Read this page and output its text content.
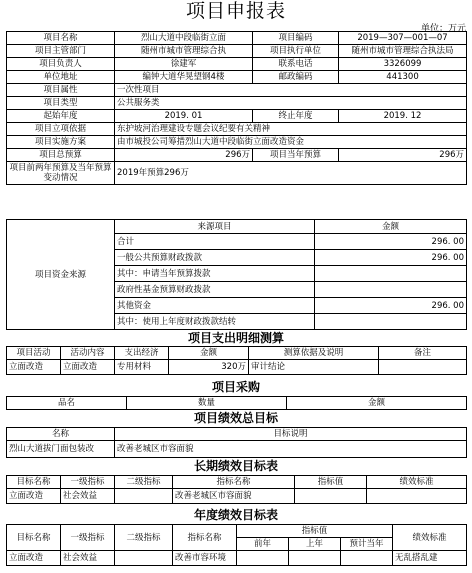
项目申报表
单位：万元
项目名称	烈山大道中段临街立面	项目编码	2019—307—001—07
项目主管部门	随州市城市管理综合执	项目执行单位	随州市城市管理综合执法局
项目负责人	徐建军	联系电话	3326099
单位地址	编钟大道华晃望钢4楼	邮政编码	441300
项目属性	一次性项目		
项目类型	公共服务类		
起始年度	2019. 01	终止年度	2019. 12
项目立项依据	东护坡河治理建设专题会议纪要有关精神		
项目实施方案	由市城投公司筹措烈山大道中段临街立面改造资金		
项目总预算	296万	项目当年预算	296万
项目前两年预算及当年预算变动情况	2019年预算296万		
项目资金来源	来源项目	金额
	合计	296. 00
	一般公共预算财政拨款	296. 00
	其中：申请当年预算拨款	
	政府性基金预算财政拨款	
	其他资金	296. 00
	其中：使用上年度财政拨款结转	
项目支出明细测算
项目活动	活动内容	支出经济	金额	测算依据及说明	备注
立面改造	立面改造	专用材料	320万	审计结论	
项目采购
品名	数量	金额
项目绩效总目标
名称	目标说明
烈山大道拔门面包装改	改善老城区市容面貌
长期绩效目标表
目标名称	一级指标	二级指标	指标名称	指标值	绩效标准
立面改造	社会效益		改善老城区市容面貌		
年度绩效目标表
目标名称	一级指标	二级指标	指标名称	指标值			绩效标准
				前年	上年	预计当年	
立面改造	社会效益		改善市容环境				无乱搭乱建
